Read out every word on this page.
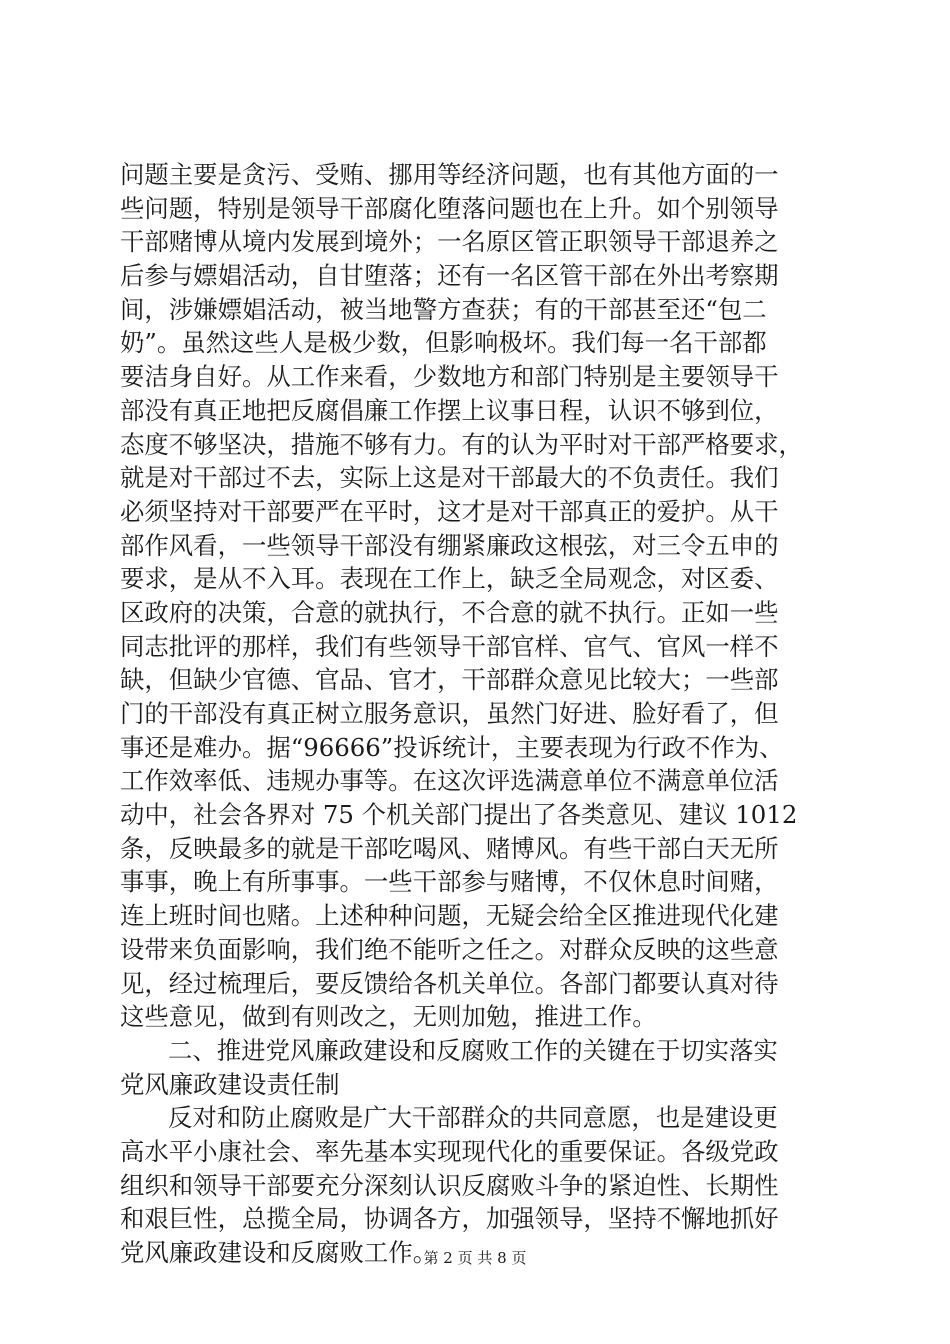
问题主要是贪污、受贿、挪用等经济问题，也有其他方面的一
些问题，特别是领导干部腐化堕落问题也在上升。如个别领导
干部赌博从境内发展到境外；一名原区管正职领导干部退养之
后参与嫖娼活动，自甘堕落；还有一名区管干部在外出考察期
间，涉嫌嫖娼活动，被当地警方查获；有的干部甚至还“包二
奶”。虽然这些人是极少数，但影响极坏。我们每一名干部都
要洁身自好。从工作来看，少数地方和部门特别是主要领导干
部没有真正地把反腐倡廉工作摆上议事日程，认识不够到位，
态度不够坚决，措施不够有力。有的认为平时对干部严格要求，
就是对干部过不去，实际上这是对干部最大的不负责任。我们
必须坚持对干部要严在平时，这才是对干部真正的爱护。从干
部作风看，一些领导干部没有绷紧廉政这根弦，对三令五申的
要求，是从不入耳。表现在工作上，缺乏全局观念，对区委、
区政府的决策，合意的就执行，不合意的就不执行。正如一些
同志批评的那样，我们有些领导干部官样、官气、官风一样不
缺，但缺少官德、官品、官才，干部群众意见比较大；一些部
门的干部没有真正树立服务意识，虽然门好进、脸好看了，但
事还是难办。据“96666”投诉统计，主要表现为行政不作为、
工作效率低、违规办事等。在这次评选满意单位不满意单位活
动中，社会各界对 75 个机关部门提出了各类意见、建议 1012
条，反映最多的就是干部吃喝风、赌博风。有些干部白天无所
事事，晚上有所事事。一些干部参与赌博，不仅休息时间赌，
连上班时间也赌。上述种种问题，无疑会给全区推进现代化建
设带来负面影响，我们绝不能听之任之。对群众反映的这些意
见，经过梳理后，要反馈给各机关单位。各部门都要认真对待
这些意见，做到有则改之，无则加勉，推进工作。
二、推进党风廉政建设和反腐败工作的关键在于切实落实
党风廉政建设责任制
反对和防止腐败是广大干部群众的共同意愿，也是建设更
高水平小康社会、率先基本实现现代化的重要保证。各级党政
组织和领导干部要充分深刻认识反腐败斗争的紧迫性、长期性
和艰巨性，总揽全局，协调各方，加强领导，坚持不懈地抓好
党风廉政建设和反腐败工作。
第 2 页 共 8 页
